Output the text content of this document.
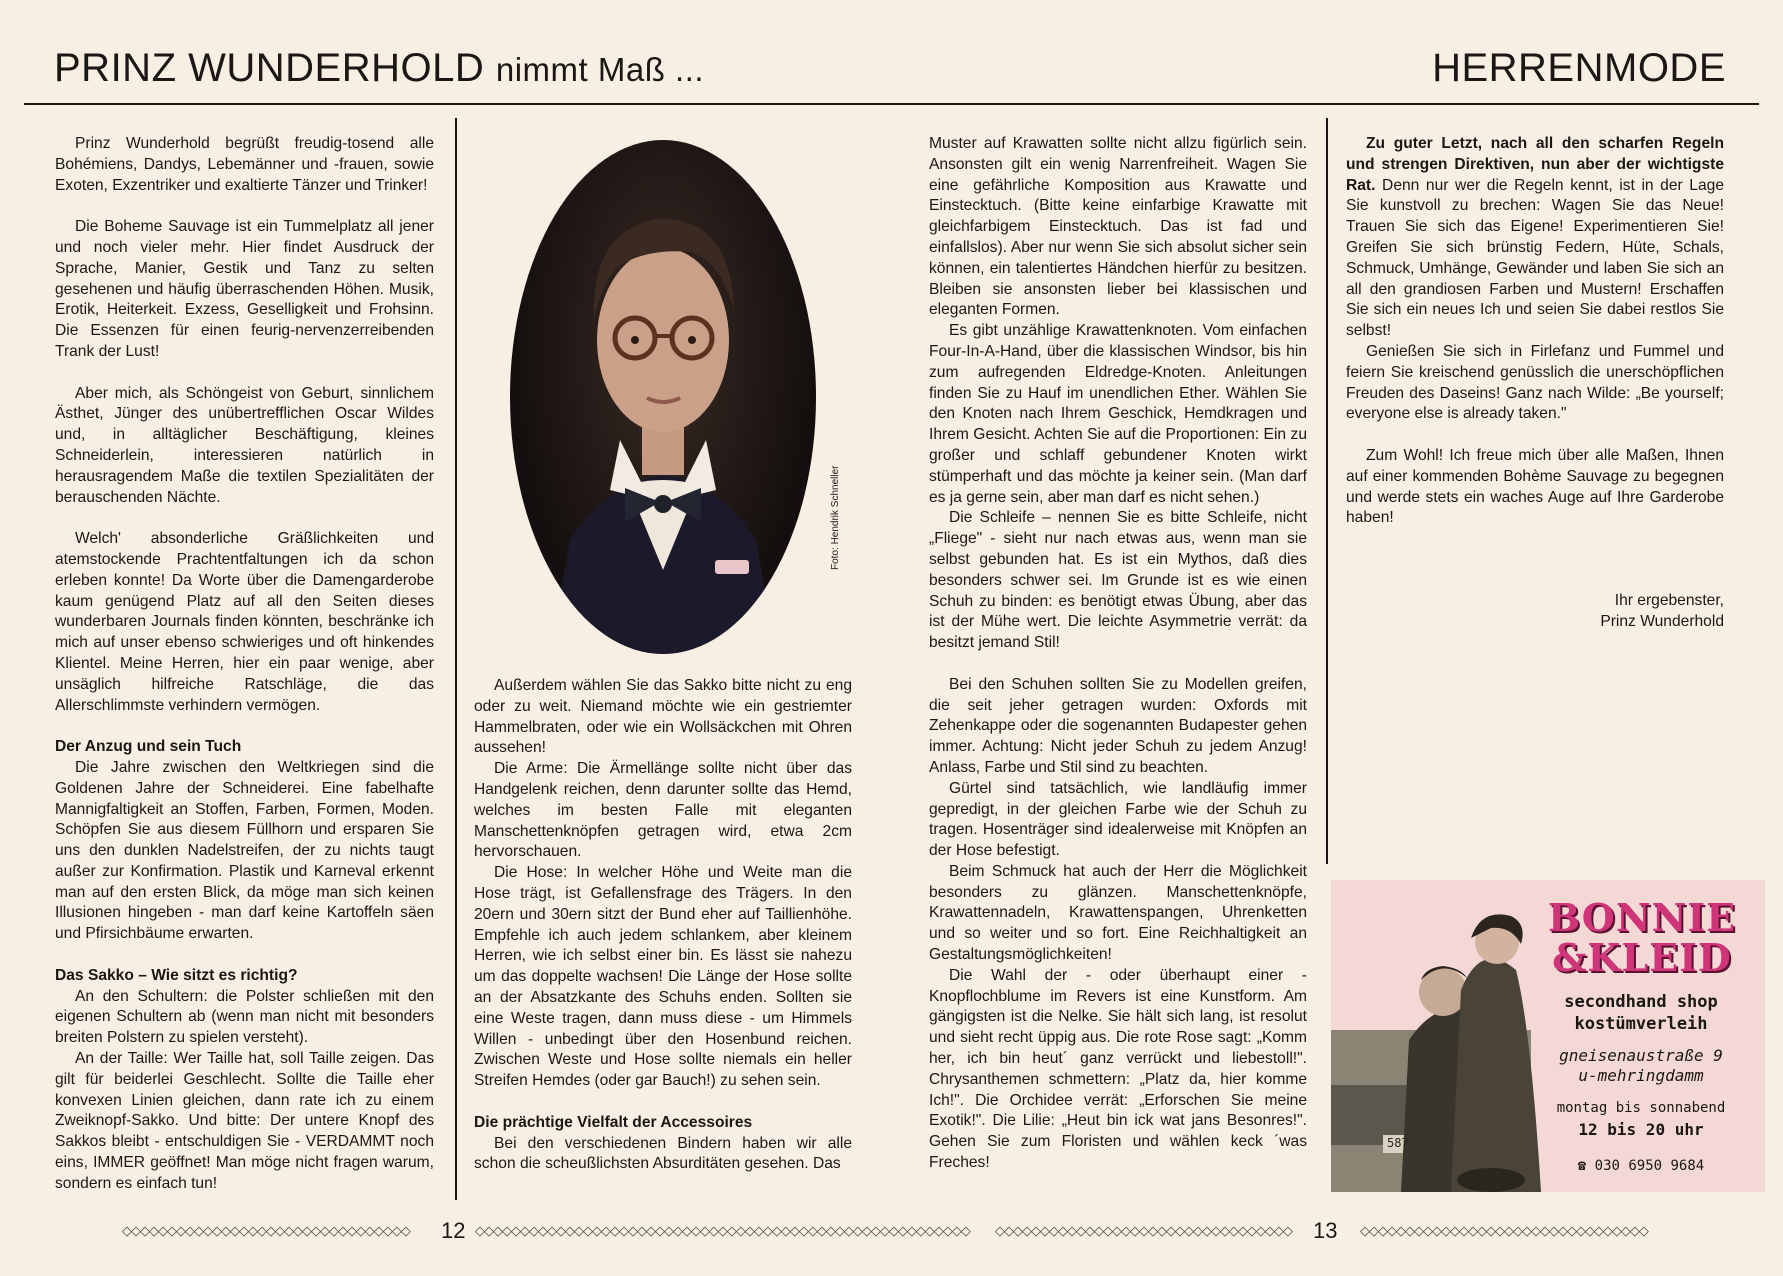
PRINZ WUNDERHOLD nimmt Maß ...	HERRENMODE

Prinz Wunderhold begrüßt freudig-tosend alle Bohémiens, Dandys, Lebemänner und -frauen, sowie Exoten, Exzentriker und exaltierte Tänzer und Trinker!

Die Boheme Sauvage ist ein Tummelplatz all jener und noch vieler mehr. Hier findet Ausdruck der Sprache, Manier, Gestik und Tanz zu selten gesehenen und häufig überraschenden Höhen. Musik, Erotik, Heiterkeit. Exzess, Geselligkeit und Frohsinn. Die Essenzen für einen feurig-nervenzerreibenden Trank der Lust!

Aber mich, als Schöngeist von Geburt, sinnlichem Ästhet, Jünger des unübertrefflichen Oscar Wildes und, in alltäglicher Beschäftigung, kleines Schneiderlein, interessieren natürlich in herausragendem Maße die textilen Spezialitäten der berauschenden Nächte.

Welch' absonderliche Gräßlichkeiten und atemstockende Prachtentfaltungen ich da schon erleben konnte! Da Worte über die Damengarderobe kaum genügend Platz auf all den Seiten dieses wunderbaren Journals finden könnten, beschränke ich mich auf unser ebenso schwieriges und oft hinkendes Klientel. Meine Herren, hier ein paar wenige, aber unsäglich hilfreiche Ratschläge, die das Allerschlimmste verhindern vermögen.

Der Anzug und sein Tuch

Die Jahre zwischen den Weltkriegen sind die Goldenen Jahre der Schneiderei. Eine fabelhafte Mannigfaltigkeit an Stoffen, Farben, Formen, Moden. Schöpfen Sie aus diesem Füllhorn und ersparen Sie uns den dunklen Nadelstreifen, der zu nichts taugt außer zur Konfirmation. Plastik und Karneval erkennt man auf den ersten Blick, da möge man sich keinen Illusionen hingeben - man darf keine Kartoffeln säen und Pfirsichbäume erwarten.

Das Sakko – Wie sitzt es richtig?

An den Schultern: die Polster schließen mit den eigenen Schultern ab (wenn man nicht mit besonders breiten Polstern zu spielen versteht).

An der Taille: Wer Taille hat, soll Taille zeigen. Das gilt für beiderlei Geschlecht. Sollte die Taille eher konvexen Linien gleichen, dann rate ich zu einem Zweiknopf-Sakko. Und bitte: Der untere Knopf des Sakkos bleibt - entschuldigen Sie - VERDAMMT noch eins, IMMER geöffnet! Man möge nicht fragen warum, sondern es einfach tun!

Foto: Hendrik Schneller

Außerdem wählen Sie das Sakko bitte nicht zu eng oder zu weit. Niemand möchte wie ein gestriemter Hammelbraten, oder wie ein Wollsäckchen mit Ohren aussehen!

Die Arme: Die Ärmellänge sollte nicht über das Handgelenk reichen, denn darunter sollte das Hemd, welches im besten Falle mit eleganten Manschettenknöpfen getragen wird, etwa 2cm hervorschauen.

Die Hose: In welcher Höhe und Weite man die Hose trägt, ist Gefallensfrage des Trägers. In den 20ern und 30ern sitzt der Bund eher auf Taillienhöhe. Empfehle ich auch jedem schlankem, aber kleinem Herren, wie ich selbst einer bin. Es lässt sie nahezu um das doppelte wachsen! Die Länge der Hose sollte an der Absatzkante des Schuhs enden. Sollten sie eine Weste tragen, dann muss diese - um Himmels Willen - unbedingt über den Hosenbund reichen. Zwischen Weste und Hose sollte niemals ein heller Streifen Hemdes (oder gar Bauch!) zu sehen sein.

Die prächtige Vielfalt der Accessoires

Bei den verschiedenen Bindern haben wir alle schon die scheußlichsten Absurditäten gesehen. Das

Muster auf Krawatten sollte nicht allzu figürlich sein. Ansonsten gilt ein wenig Narrenfreiheit. Wagen Sie eine gefährliche Komposition aus Krawatte und Einstecktuch. (Bitte keine einfarbige Krawatte mit gleichfarbigem Einstecktuch. Das ist fad und einfallslos). Aber nur wenn Sie sich absolut sicher sein können, ein talentiertes Händchen hierfür zu besitzen. Bleiben sie ansonsten lieber bei klassischen und eleganten Formen.

Es gibt unzählige Krawattenknoten. Vom einfachen Four-In-A-Hand, über die klassischen Windsor, bis hin zum aufregenden Eldredge-Knoten. Anleitungen finden Sie zu Hauf im unendlichen Ether. Wählen Sie den Knoten nach Ihrem Geschick, Hemdkragen und Ihrem Gesicht. Achten Sie auf die Proportionen: Ein zu großer und schlaff gebundener Knoten wirkt stümperhaft und das möchte ja keiner sein. (Man darf es ja gerne sein, aber man darf es nicht sehen.)

Die Schleife – nennen Sie es bitte Schleife, nicht „Fliege" - sieht nur nach etwas aus, wenn man sie selbst gebunden hat. Es ist ein Mythos, daß dies besonders schwer sei. Im Grunde ist es wie einen Schuh zu binden: es benötigt etwas Übung, aber das ist der Mühe wert. Die leichte Asymmetrie verrät: da besitzt jemand Stil!

Bei den Schuhen sollten Sie zu Modellen greifen, die seit jeher getragen wurden: Oxfords mit Zehenkappe oder die sogenannten Budapester gehen immer. Achtung: Nicht jeder Schuh zu jedem Anzug! Anlass, Farbe und Stil sind zu beachten.

Gürtel sind tatsächlich, wie landläufig immer gepredigt, in der gleichen Farbe wie der Schuh zu tragen. Hosenträger sind idealerweise mit Knöpfen an der Hose befestigt.

Beim Schmuck hat auch der Herr die Möglichkeit besonders zu glänzen. Manschettenknöpfe, Krawattennadeln, Krawattenspangen, Uhrenketten und so weiter und so fort. Eine Reichhaltigkeit an Gestaltungsmöglichkeiten!

Die Wahl der - oder überhaupt einer - Knopflochblume im Revers ist eine Kunstform. Am gängigsten ist die Nelke. Sie hält sich lang, ist resolut und sieht recht üppig aus. Die rote Rose sagt: „Komm her, ich bin heut´ ganz verrückt und liebestoll!". Chrysanthemen schmettern: „Platz da, hier komme Ich!". Die Orchidee verrät: „Erforschen Sie meine Exotik!". Die Lilie: „Heut bin ick wat jans Besonres!". Gehen Sie zum Floristen und wählen keck ´was Freches!

Zu guter Letzt, nach all den scharfen Regeln und strengen Direktiven, nun aber der wichtigste Rat. Denn nur wer die Regeln kennt, ist in der Lage Sie kunstvoll zu brechen: Wagen Sie das Neue! Trauen Sie sich das Eigene! Experimentieren Sie! Greifen Sie sich brünstig Federn, Hüte, Schals, Schmuck, Umhänge, Gewänder und laben Sie sich an all den grandiosen Farben und Mustern! Erschaffen Sie sich ein neues Ich und seien Sie dabei restlos Sie selbst!

Genießen Sie sich in Firlefanz und Fummel und feiern Sie kreischend genüsslich die unerschöpflichen Freuden des Daseins! Ganz nach Wilde: „Be yourself; everyone else is already taken."

Zum Wohl! Ich freue mich über alle Maßen, Ihnen auf einer kommenden Bohème Sauvage zu begegnen und werde stets ein waches Auge auf Ihre Garderobe haben!

Ihr ergebenster,

Prinz Wunderhold

BONNIE
&KLEID
secondhand shop
kostümverleih
gneisenaustraße 9
u-mehringdamm
montag bis sonnabend
12 bis 20 uhr
☎ 030 6950 9684
587
◇◇◇◇◇◇◇◇◇◇◇◇◇◇◇◇◇◇◇◇◇◇◇◇◇◇◇◇◇◇◇◇	12 ◇◇◇◇◇◇◇◇◇◇◇◇◇◇◇◇◇◇◇◇◇◇◇◇◇◇◇◇◇◇◇◇◇◇◇◇◇◇◇◇◇◇◇◇◇◇◇◇◇◇◇◇◇◇◇	◇◇◇◇◇◇◇◇◇◇◇◇◇◇◇◇◇◇◇◇◇◇◇◇◇◇◇◇◇◇◇◇◇ 13 ◇◇◇◇◇◇◇◇◇◇◇◇◇◇◇◇◇◇◇◇◇◇◇◇◇◇◇◇◇◇◇◇
